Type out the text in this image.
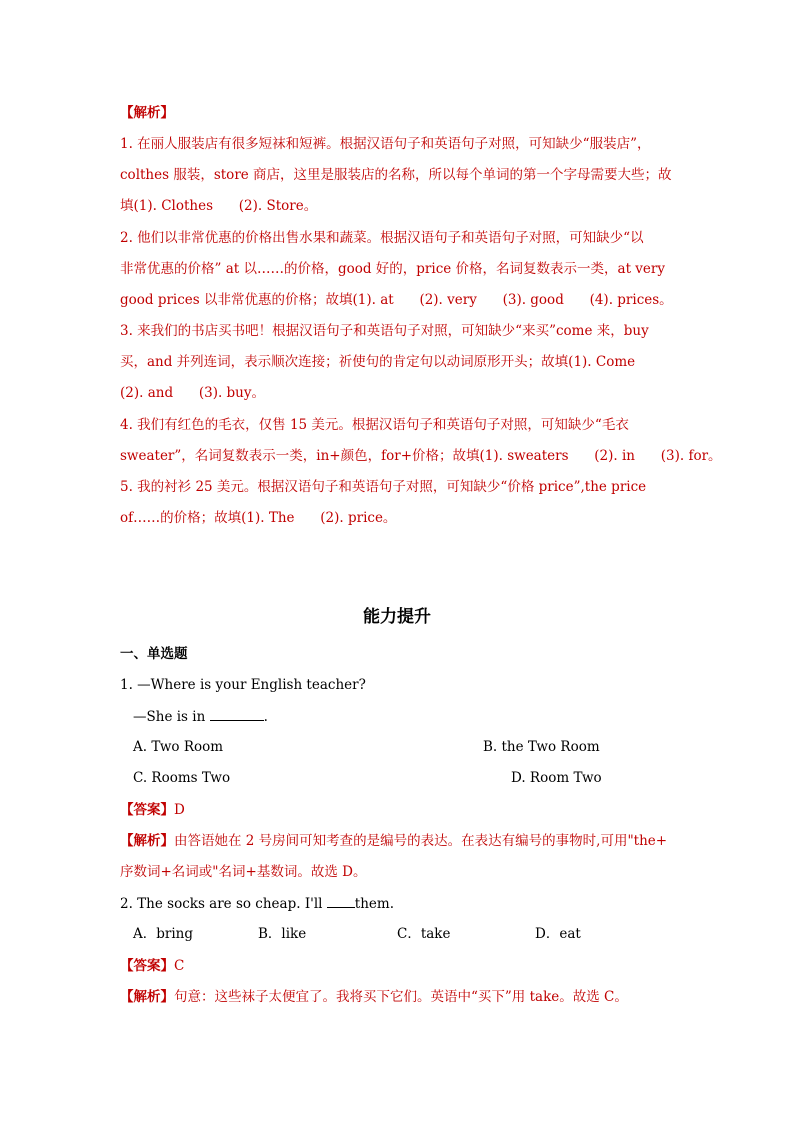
【解析】
1. 在丽人服装店有很多短袜和短裤。根据汉语句子和英语句子对照，可知缺少“服装店”，
colthes 服装，store 商店，这里是服装店的名称，所以每个单词的第一个字母需要大些；故
填(1). Clothes      (2). Store。
2. 他们以非常优惠的价格出售水果和蔬菜。根据汉语句子和英语句子对照，可知缺少“以
非常优惠的价格” at 以……的价格，good 好的，price 价格，名词复数表示一类，at very
good prices 以非常优惠的价格；故填(1). at      (2). very      (3). good      (4). prices。
3. 来我们的书店买书吧！根据汉语句子和英语句子对照，可知缺少“来买”come 来，buy
买，and 并列连词，表示顺次连接；祈使句的肯定句以动词原形开头；故填(1). Come
(2). and      (3). buy。
4. 我们有红色的毛衣，仅售 15 美元。根据汉语句子和英语句子对照，可知缺少“毛衣
sweater”，名词复数表示一类，in+颜色，for+价格；故填(1). sweaters      (2). in      (3). for。
5. 我的衬衫 25 美元。根据汉语句子和英语句子对照，可知缺少“价格 price”,the price
of……的价格；故填(1). The      (2). price。
能力提升
一、单选题
1. —Where is your English teacher?
—She is in	.
A. Two Room	B. the Two Room
C. Rooms Two	D. Room Two
【答案】D
【解析】由答语她在 2 号房间可知考查的是编号的表达。在表达有编号的事物时,可用"the+
序数词+名词或"名词+基数词。故选 D。
2. The socks are so cheap. I'll them.
A．bring	B．like	C．take	D．eat
【答案】C
【解析】句意：这些袜子太便宜了。我将买下它们。英语中“买下”用 take。故选 C。
